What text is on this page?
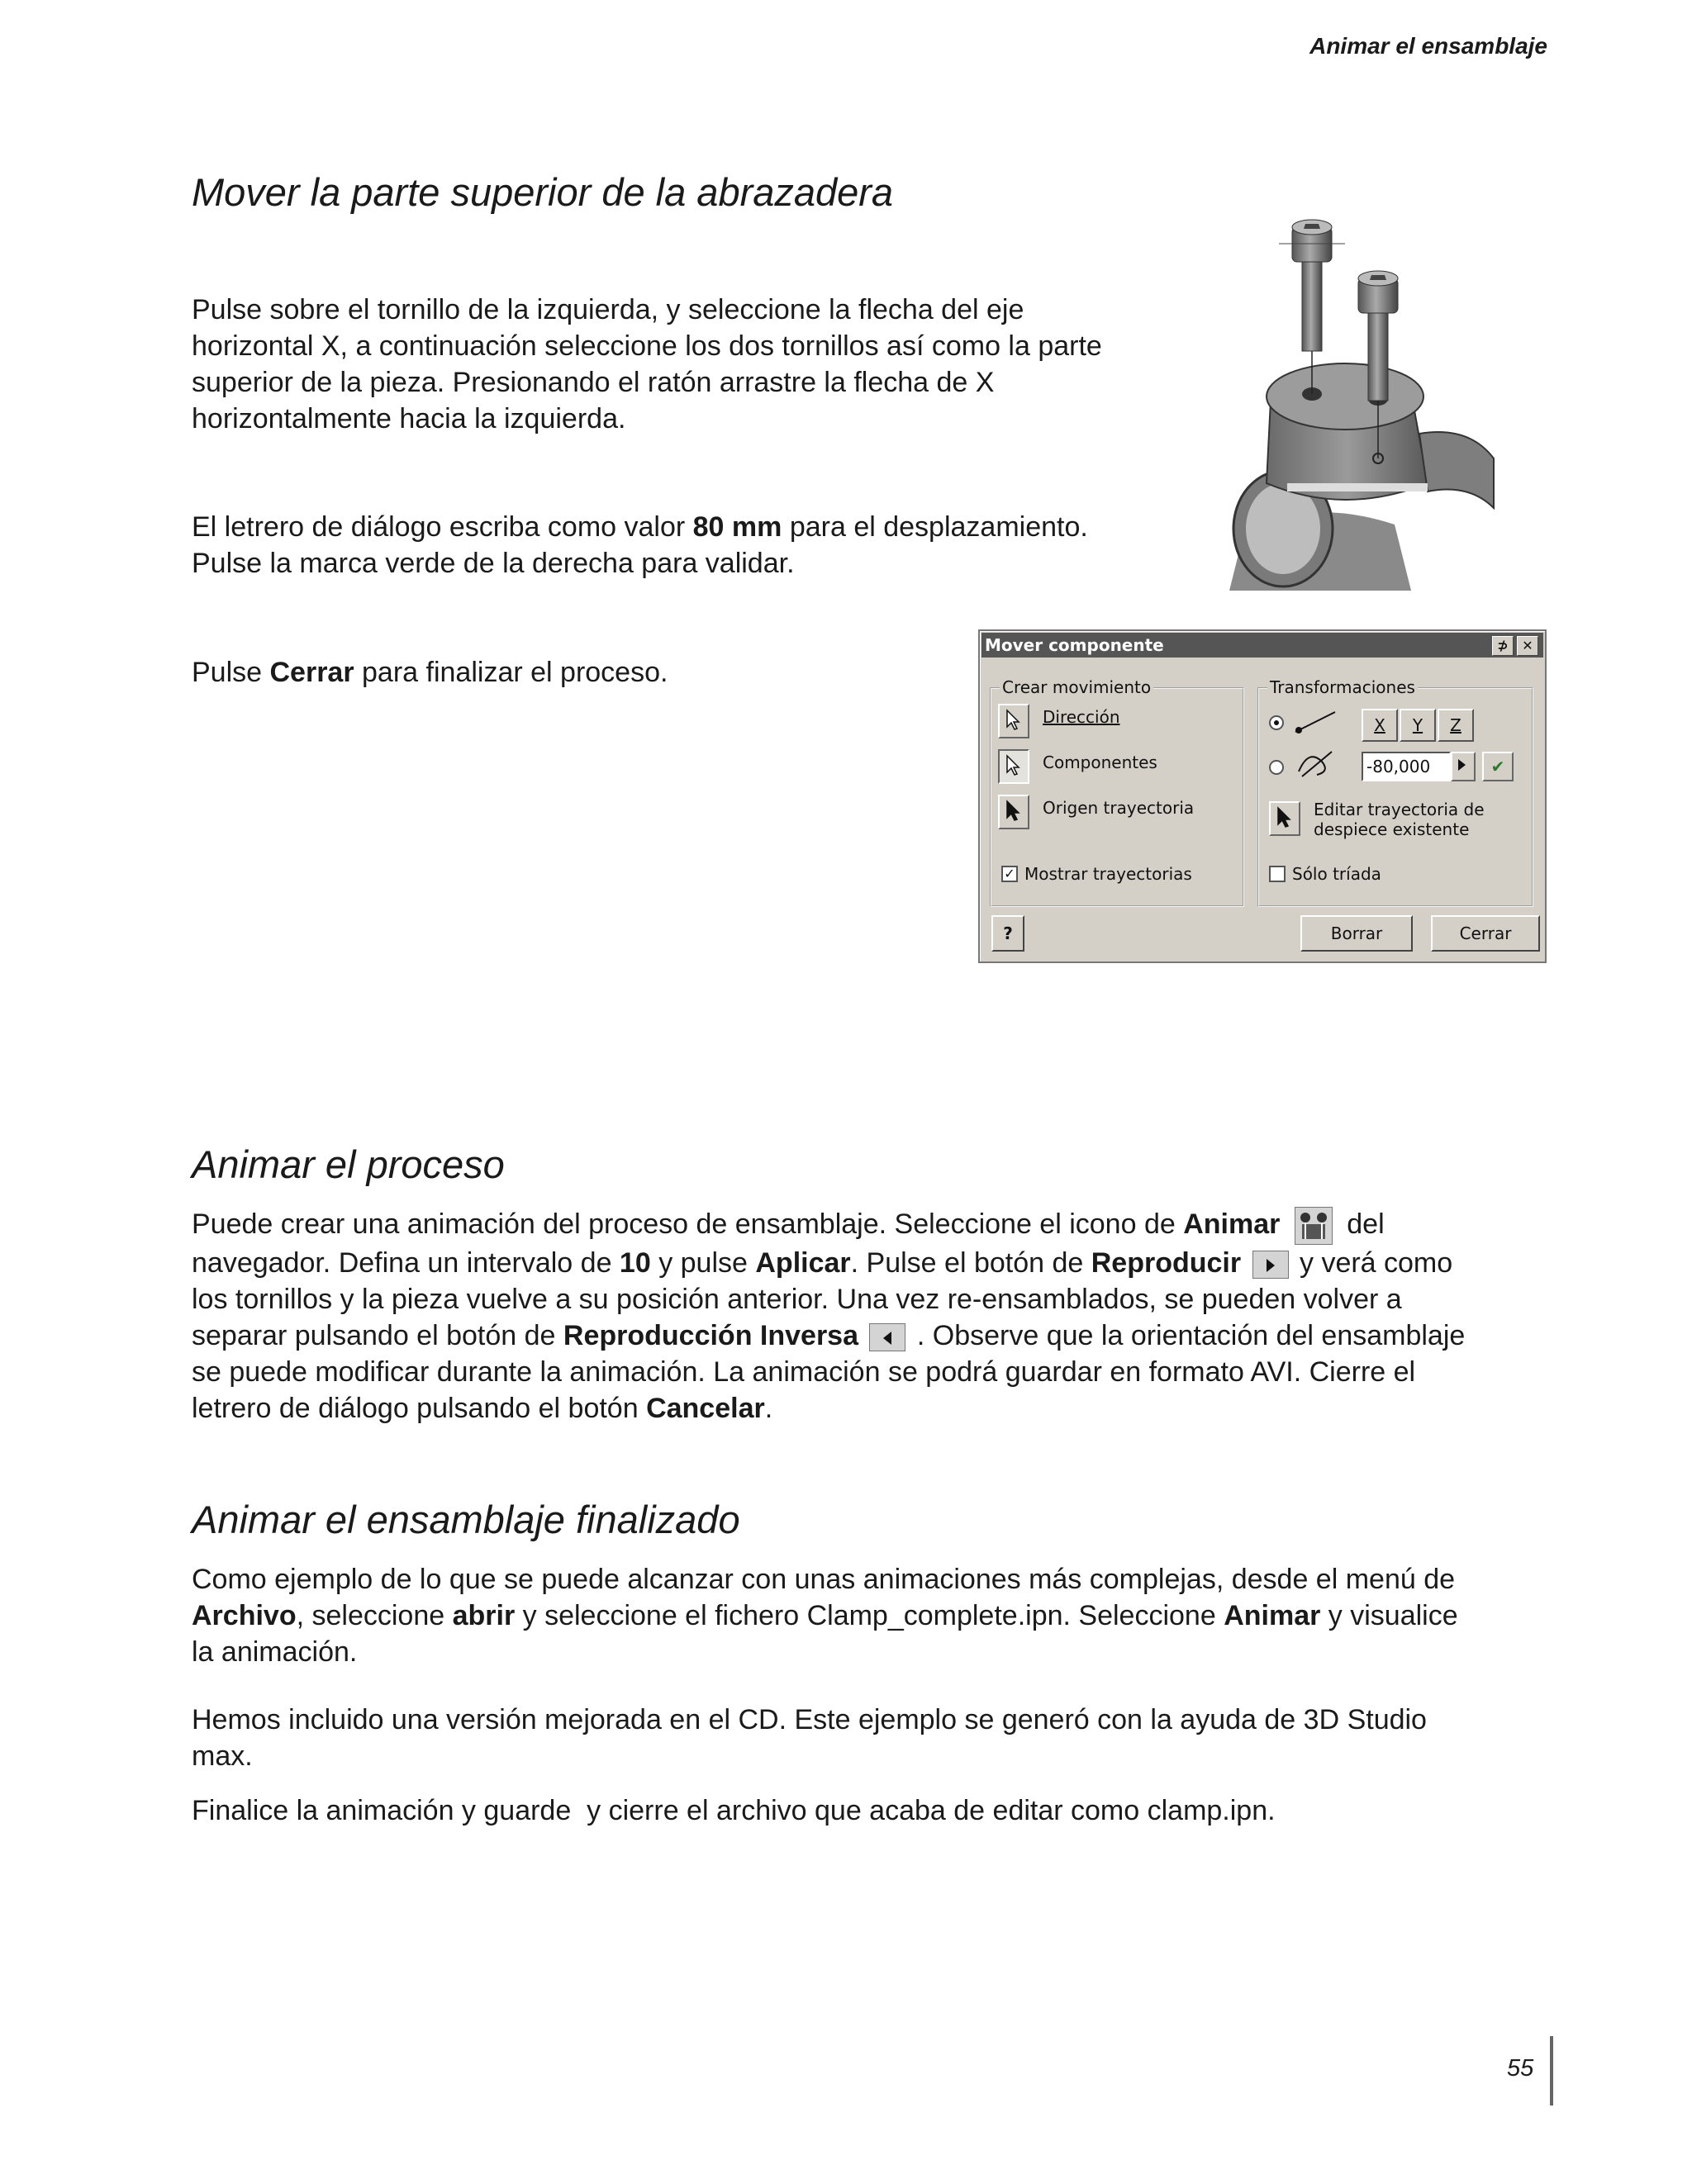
Animar el ensamblaje
Mover la parte superior de la abrazadera

Pulse sobre el tornillo de la izquierda, y seleccione la flecha del eje
horizontal X, a continuación seleccione los dos tornillos así como la parte
superior de la pieza. Presionando el ratón arrastre la flecha de X
horizontalmente hacia la izquierda.

El letrero de diálogo escriba como valor 80 mm para el desplazamiento.
Pulse la marca verde de la derecha para validar.

Pulse Cerrar para finalizar el proceso.

Mover componente	⊅	✕
Crear movimiento
Dirección
Componentes
Origen trayectoria
✓ Mostrar trayectorias
Transformaciones
X	Y	Z
-80,000	✔
Editar trayectoria de
despiece existente
Sólo tríada
?	Borrar	Cerrar
Animar el proceso

Puede crear una animación del proceso de ensamblaje. Seleccione el icono de Animar  del
navegador. Defina un intervalo de 10 y pulse Aplicar. Pulse el botón de Reproducir  y verá como
los tornillos y la pieza vuelve a su posición anterior. Una vez re-ensamblados, se pueden volver a
separar pulsando el botón de Reproducción Inversa  . Observe que la orientación del ensamblaje
se puede modificar durante la animación. La animación se podrá guardar en formato AVI. Cierre el
letrero de diálogo pulsando el botón Cancelar.

Animar el ensamblaje finalizado

Como ejemplo de lo que se puede alcanzar con unas animaciones más complejas, desde el menú de
Archivo, seleccione abrir y seleccione el fichero Clamp_complete.ipn. Seleccione Animar y visualice
la animación.

Hemos incluido una versión mejorada en el CD. Este ejemplo se generó con la ayuda de 3D Studio
max.

Finalice la animación y guarde  y cierre el archivo que acaba de editar como clamp.ipn.

55
